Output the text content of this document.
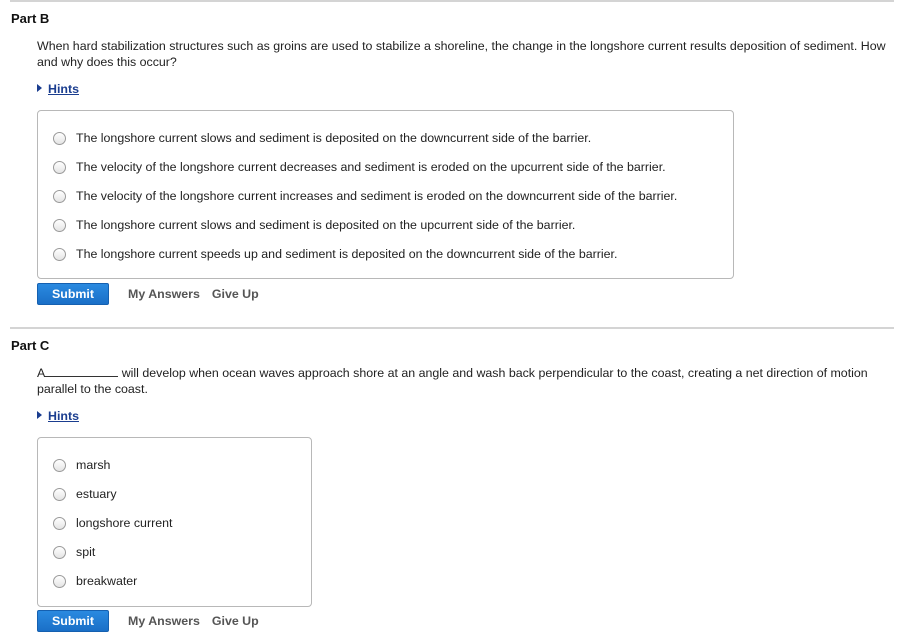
Part B
When hard stabilization structures such as groins are used to stabilize a shoreline, the change in the longshore current results deposition of sediment. How and why does this occur?
Hints
The longshore current slows and sediment is deposited on the downcurrent side of the barrier.
The velocity of the longshore current decreases and sediment is eroded on the upcurrent side of the barrier.
The velocity of the longshore current increases and sediment is eroded on the downcurrent side of the barrier.
The longshore current slows and sediment is deposited on the upcurrent side of the barrier.
The longshore current speeds up and sediment is deposited on the downcurrent side of the barrier.
Submit	My Answers Give Up
Part C
A	will develop when ocean waves approach shore at an angle and wash back perpendicular to the coast, creating a net direction of motion parallel to the coast.
Hints
marsh
estuary
longshore current
spit
breakwater
Submit	My Answers Give Up
